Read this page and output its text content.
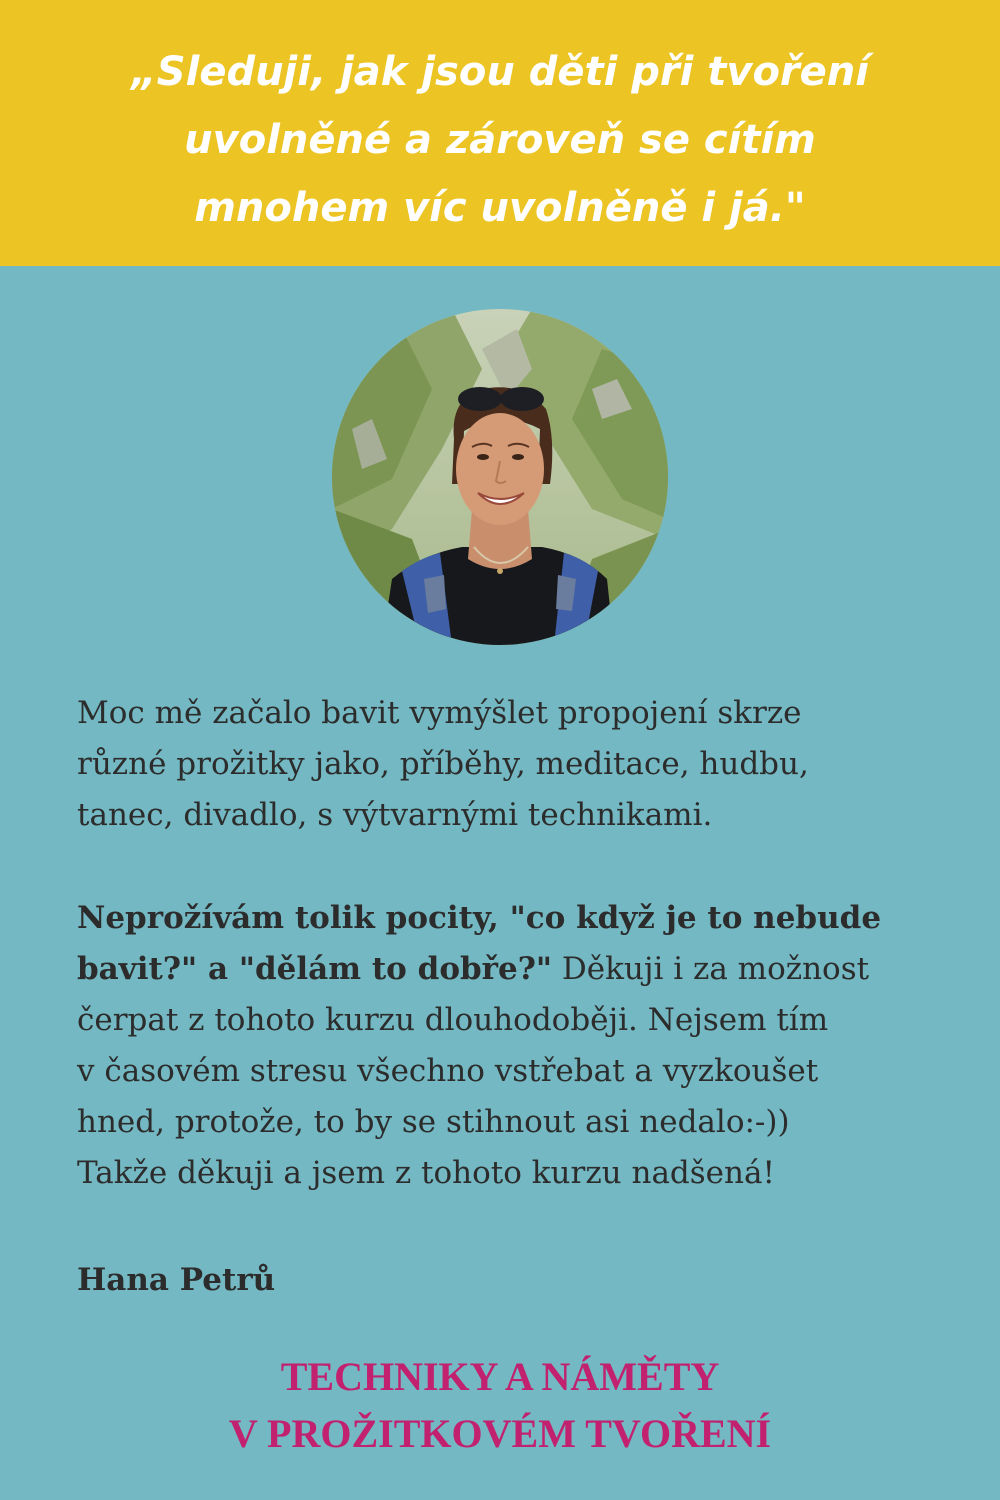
„Sleduji, jak jsou děti při tvoření
uvolněné a zároveň se cítím
mnohem víc uvolněně i já."

Moc mě začalo bavit vymýšlet propojení skrze
různé prožitky jako, příběhy, meditace, hudbu,
tanec, divadlo, s výtvarnými technikami.

Neprožívám tolik pocity, "co když je to nebude
bavit?" a "dělám to dobře?" Děkuji i za možnost
čerpat z tohoto kurzu dlouhodoběji. Nejsem tím
v časovém stresu všechno vstřebat a vyzkoušet
hned, protože, to by se stihnout asi nedalo:-))
Takže děkuji a jsem z tohoto kurzu nadšená!

Hana Petrů

TECHNIKY A NÁMĚTY
V PROŽITKOVÉM TVOŘENÍ
